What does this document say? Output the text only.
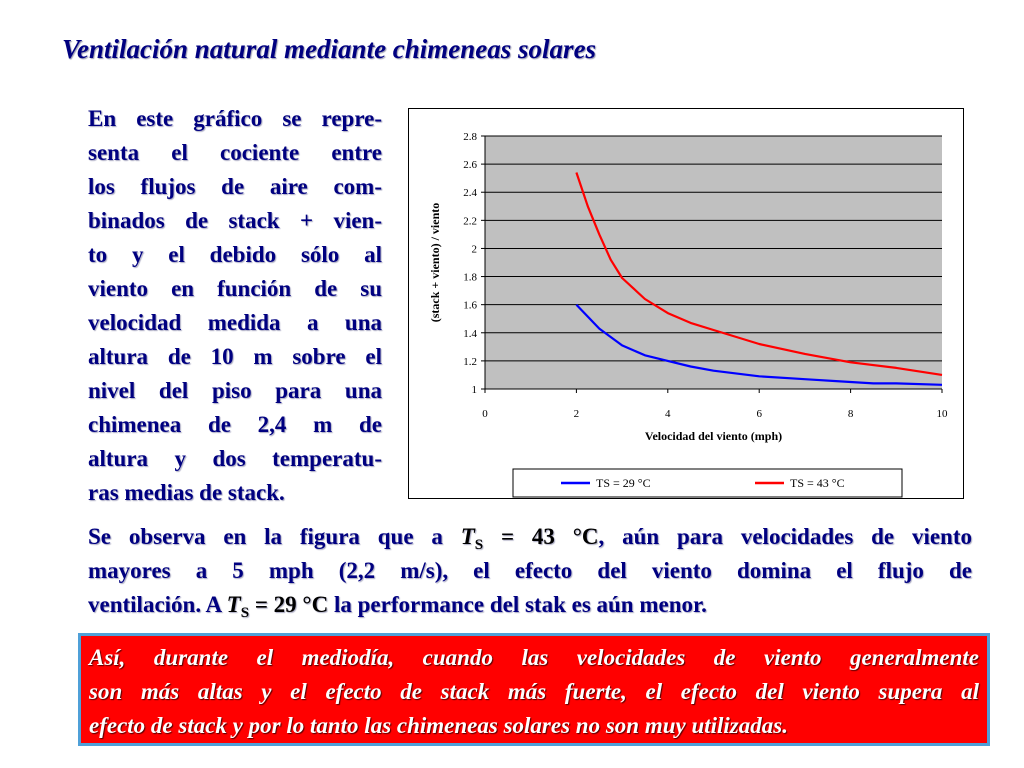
Ventilación natural mediante chimeneas solares
En este gráfico se repre-
senta el cociente entre
los flujos de aire com-
binados de stack + vien-
to y el debido sólo al
viento en función de su
velocidad medida a una
altura de 10 m sobre el
nivel del piso para una
chimenea de 2,4 m de
altura y dos temperatu-
ras medias de stack.
1
1.2
1.4
1.6
1.8
2
2.2
2.4
2.6
2.8
0	2	4	6	8	10
(stack + viento) / viento
Velocidad del viento (mph)
TS = 29 °C	TS = 43 °C
Se observa en la figura que a $T_S = 43$ °C, aún para velocidades de viento
mayores a 5 mph (2,2 m/s), el efecto del viento domina el flujo de
ventilación. A $T_S = 29$ °C la performance del stak es aún menor.
Así, durante el mediodía, cuando las velocidades de viento generalmente
son más altas y el efecto de stack más fuerte, el efecto del viento supera al
efecto de stack y por lo tanto las chimeneas solares no son muy utilizadas.
